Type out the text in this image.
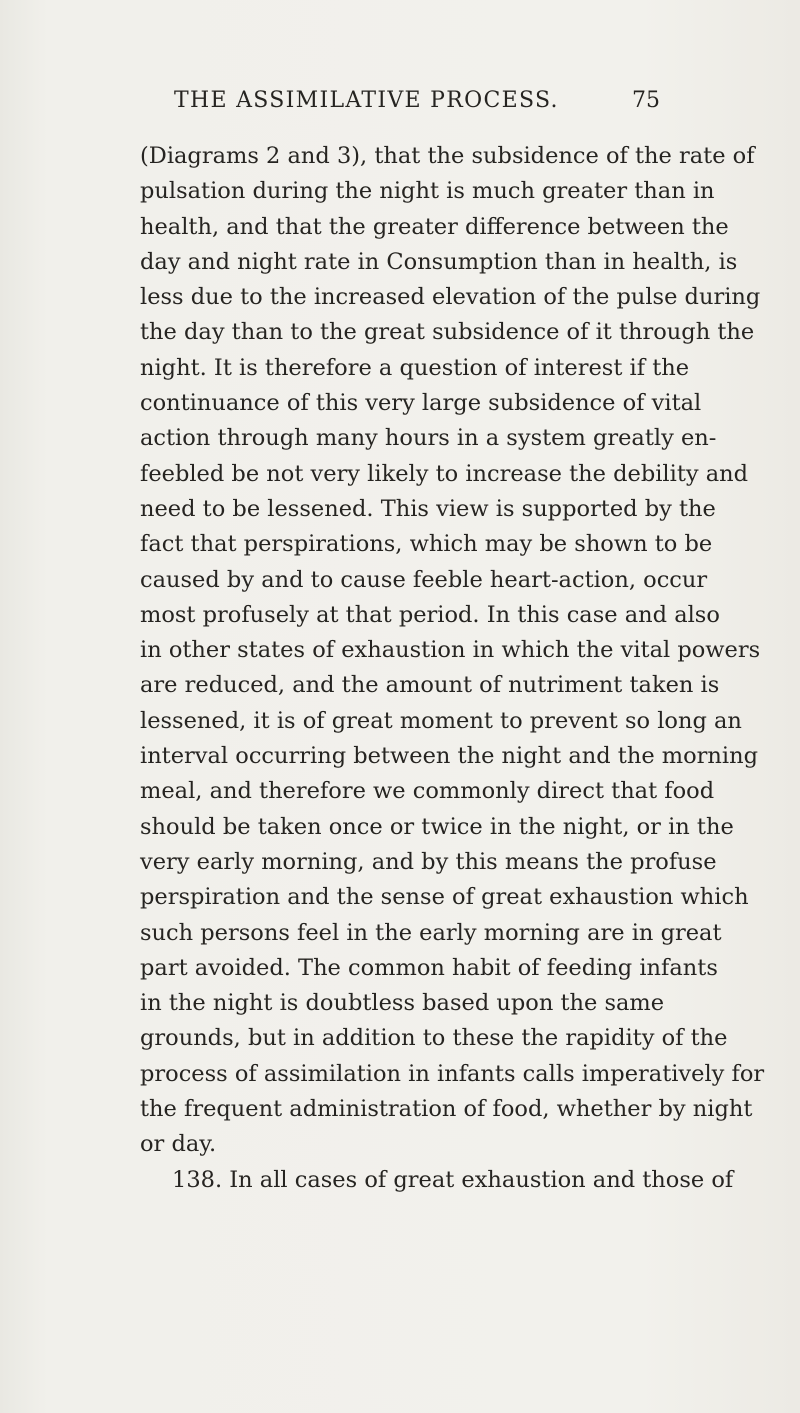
THE ASSIMILATIVE PROCESS.	75
(Diagrams 2 and 3), that the subsidence of the rate of
pulsation during the night is much greater than in
health, and that the greater difference between the
day and night rate in Consumption than in health, is
less due to the increased elevation of the pulse during
the day than to the great subsidence of it through the
night. It is therefore a question of interest if the
continuance of this very large subsidence of vital
action through many hours in a system greatly en-
feebled be not very likely to increase the debility and
need to be lessened. This view is supported by the
fact that perspirations, which may be shown to be
caused by and to cause feeble heart-action, occur
most profusely at that period. In this case and also
in other states of exhaustion in which the vital powers
are reduced, and the amount of nutriment taken is
lessened, it is of great moment to prevent so long an
interval occurring between the night and the morning
meal, and therefore we commonly direct that food
should be taken once or twice in the night, or in the
very early morning, and by this means the profuse
perspiration and the sense of great exhaustion which
such persons feel in the early morning are in great
part avoided. The common habit of feeding infants
in the night is doubtless based upon the same
grounds, but in addition to these the rapidity of the
process of assimilation in infants calls imperatively for
the frequent administration of food, whether by night
or day.
138. In all cases of great exhaustion and those of
